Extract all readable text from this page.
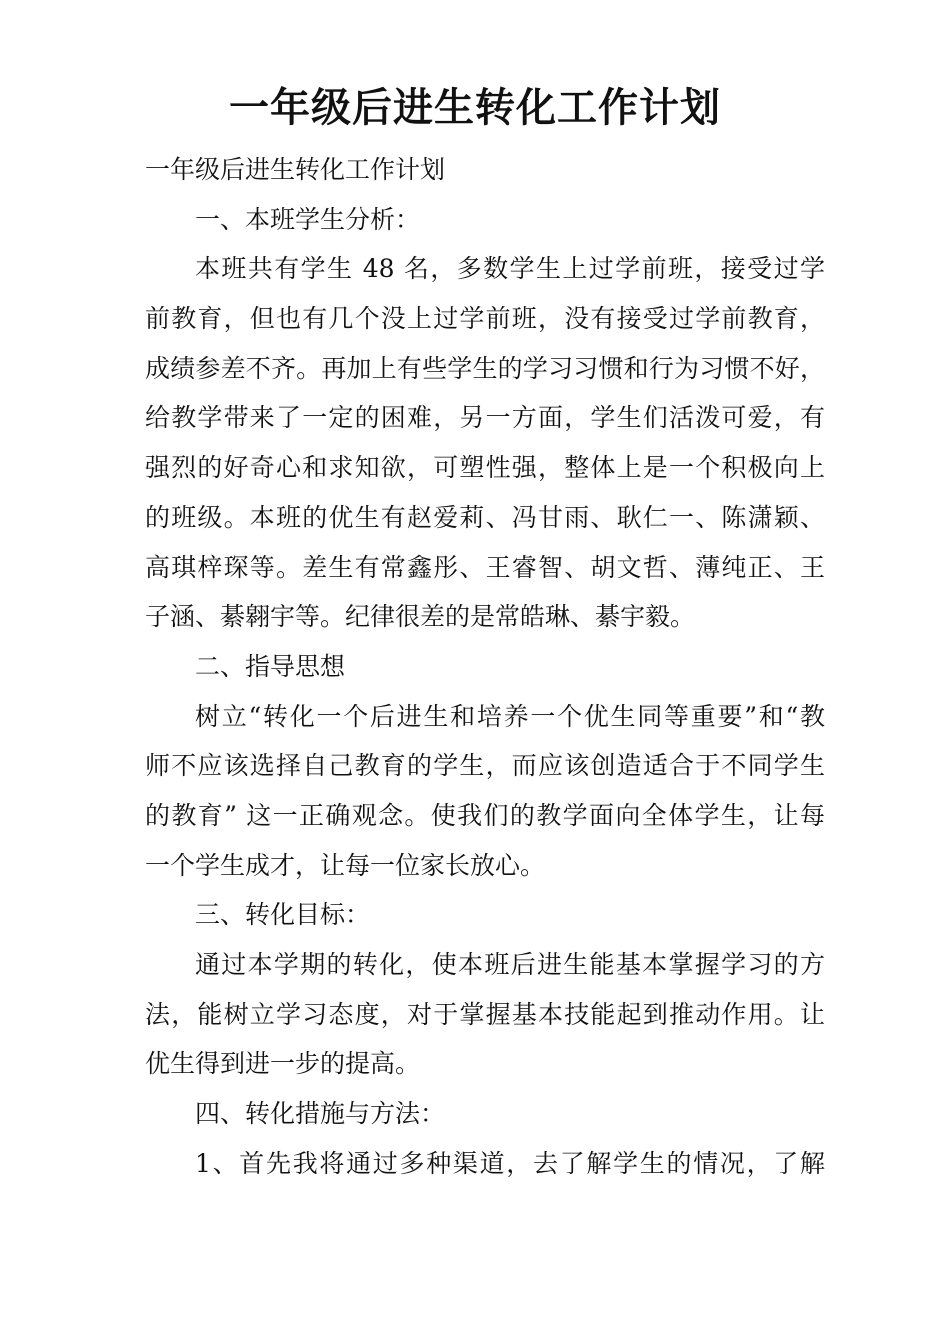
一年级后进生转化工作计划
一年级后进生转化工作计划
一、本班学生分析：
本班共有学生 48 名，多数学生上过学前班，接受过学
前教育，但也有几个没上过学前班，没有接受过学前教育，
成绩参差不齐。再加上有些学生的学习习惯和行为习惯不好，
给教学带来了一定的困难，另一方面，学生们活泼可爱，有
强烈的好奇心和求知欲，可塑性强，整体上是一个积极向上
的班级。本班的优生有赵爱莉、冯甘雨、耿仁一、陈潇颖、
高琪梓琛等。差生有常鑫彤、王睿智、胡文哲、薄纯正、王
子涵、綦翱宇等。纪律很差的是常皓琳、綦宇毅。
二、指导思想
树立“转化一个后进生和培养一个优生同等重要”和“教
师不应该选择自己教育的学生，而应该创造适合于不同学生
的教育” 这一正确观念。使我们的教学面向全体学生，让每
一个学生成才，让每一位家长放心。
三、转化目标：
通过本学期的转化，使本班后进生能基本掌握学习的方
法，能树立学习态度，对于掌握基本技能起到推动作用。让
优生得到进一步的提高。
四、转化措施与方法：
1、首先我将通过多种渠道，去了解学生的情况，了解
